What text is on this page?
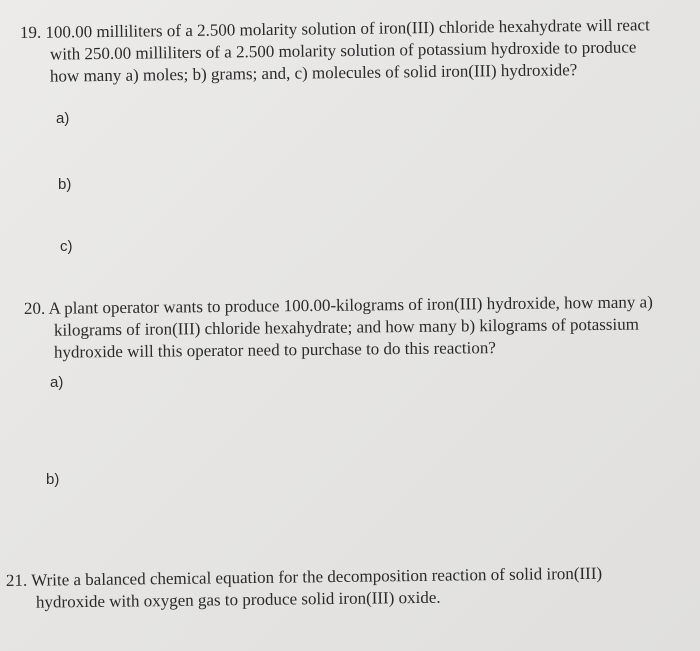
19. 100.00 milliliters of a 2.500 molarity solution of iron(III) chloride hexahydrate will react
with 250.00 milliliters of a 2.500 molarity solution of potassium hydroxide to produce
how many a) moles; b) grams; and, c) molecules of solid iron(III) hydroxide?
a)
b)
c)
20. A plant operator wants to produce 100.00-kilograms of iron(III) hydroxide, how many a)
kilograms of iron(III) chloride hexahydrate; and how many b) kilograms of potassium
hydroxide will this operator need to purchase to do this reaction?
a)
b)
21. Write a balanced chemical equation for the decomposition reaction of solid iron(III)
hydroxide with oxygen gas to produce solid iron(III) oxide.
